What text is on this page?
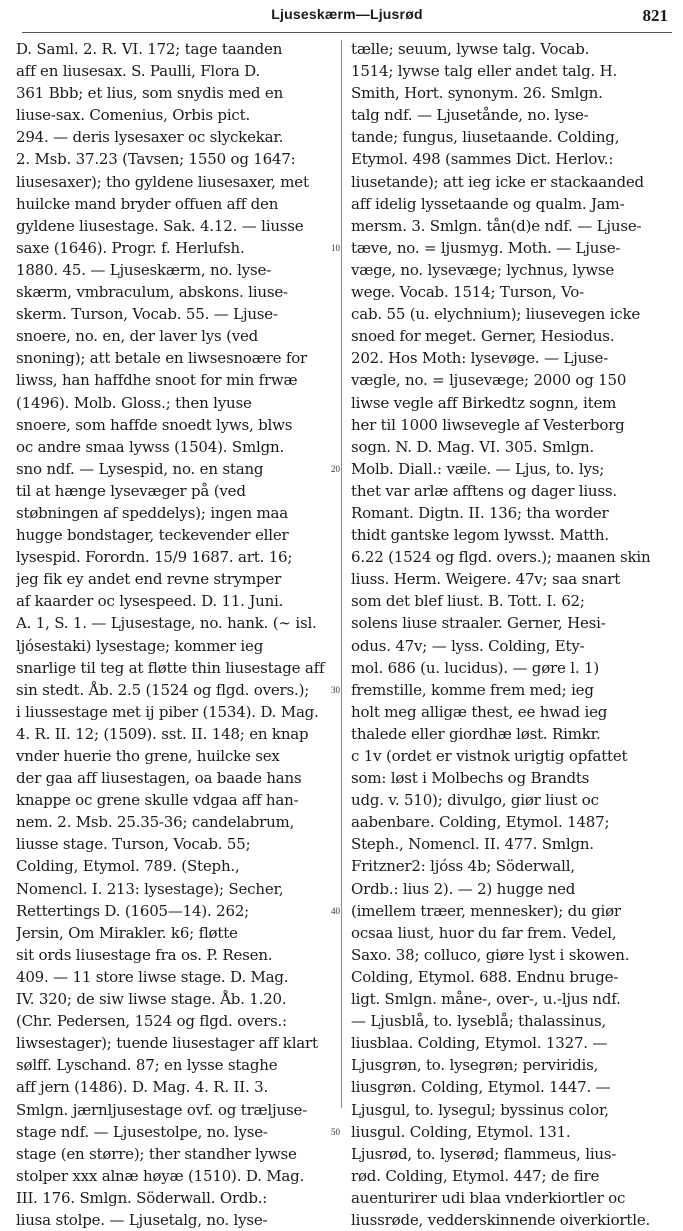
Ljuseskærm—Ljusrød	821
D. Saml. 2. R. VI. 172; tage taanden
aff en liusesax. S. Paulli, Flora D.
361 Bbb; et lius, som snydis med en
liuse-sax. Comenius, Orbis pict.
294. — deris lysesaxer oc slyckekar.
2. Msb. 37.23 (Tavsen; 1550 og 1647:
liusesaxer); tho gyldene liusesaxer, met
huilcke mand bryder offuen aff den
gyldene liusestage. Sak. 4.12. — liusse
saxe (1646). Progr. f. Herlufsh.
1880. 45. — Ljuseskærm, no. lyse-
skærm, vmbraculum, abskons. liuse-
skerm. Turson, Vocab. 55. — Ljuse-
snoere, no. en, der laver lys (ved
snoning); att betale en liwsesnoære for
liwss, han haffdhe snoot for min frwæ
(1496). Molb. Gloss.; then lyuse
snoere, som haffde snoedt lyws, blws
oc andre smaa lywss (1504). Smlgn.
sno ndf. — Lysespid, no. en stang
til at hænge lysevæger på (ved
støbningen af speddelys); ingen maa
hugge bondstager, teckevender eller
lysespid. Forordn. 15/9 1687. art. 16;
jeg fik ey andet end revne strymper
af kaarder oc lysespeed. D. 11. Juni.
A. 1, S. 1. — Ljusestage, no. hank. (∼ isl.
ljósestaki) lysestage; kommer ieg
snarlige til teg at fløtte thin liusestage aff
sin stedt. Åb. 2.5 (1524 og flgd. overs.);
i liussestage met ij piber (1534). D. Mag.
4. R. II. 12; (1509). sst. II. 148; en knap
vnder huerie tho grene, huilcke sex
der gaa aff liusestagen, oa baade hans
knappe oc grene skulle vdgaa aff han-
nem. 2. Msb. 25.35-36; candelabrum,
liusse stage. Turson, Vocab. 55;
Colding, Etymol. 789. (Steph.,
Nomencl. I. 213: lysestage); Secher,
Rettertings D. (1605—14). 262;
Jersin, Om Mirakler. k6; fløtte
sit ords liusestage fra os. P. Resen.
409. — 11 store liwse stage. D. Mag.
IV. 320; de siw liwse stage. Åb. 1.20.
(Chr. Pedersen, 1524 og flgd. overs.:
liwsestager); tuende liusestager aff klart
sølff. Lyschand. 87; en lysse staghe
aff jern (1486). D. Mag. 4. R. II. 3.
Smlgn. jærnljusestage ovf. og træljuse-
stage ndf. — Ljusestolpe, no. lyse-
stage (en større); ther standher lywse
stolper xxx alnæ høyæ (1510). D. Mag.
III. 176. Smlgn. Söderwall. Ordb.:
liusa stolpe. — Ljusetalg, no. lyse-
10
20
30
40
50
tælle; seuum, lywse talg. Vocab.
1514; lywse talg eller andet talg. H.
Smith, Hort. synonym. 26. Smlgn.
talg ndf. — Ljusetånde, no. lyse-
tande; fungus, liusetaande. Colding,
Etymol. 498 (sammes Dict. Herlov.:
liusetande); att ieg icke er stackaanded
aff idelig lyssetaande og qualm. Jam-
mersm. 3. Smlgn. tån(d)e ndf. — Ljuse-
tæve, no. = ljusmyg. Moth. — Ljuse-
væge, no. lysevæge; lychnus, lywse
wege. Vocab. 1514; Turson, Vo-
cab. 55 (u. elychnium); liusevegen icke
snoed for meget. Gerner, Hesiodus.
202. Hos Moth: lysevøge. — Ljuse-
vægle, no. = ljusevæge; 2000 og 150
liwse vegle aff Birkedtz sognn, item
her til 1000 liwsevegle af Vesterborg
sogn. N. D. Mag. VI. 305. Smlgn.
Molb. Diall.: væile. — Ljus, to. lys;
thet var arlæ afftens og dager liuss.
Romant. Digtn. II. 136; tha worder
thidt gantske legom lywsst. Matth.
6.22 (1524 og flgd. overs.); maanen skin
liuss. Herm. Weigere. 47v; saa snart
som det blef liust. B. Tott. I. 62;
solens liuse straaler. Gerner, Hesi-
odus. 47v; — lyss. Colding, Ety-
mol. 686 (u. lucidus). — gøre l. 1)
fremstille, komme frem med; ieg
holt meg alligæ thest, ee hwad ieg
thalede eller giordhæ løst. Rimkr.
c 1v (ordet er vistnok urigtig opfattet
som: løst i Molbechs og Brandts
udg. v. 510); divulgo, giør liust oc
aabenbare. Colding, Etymol. 1487;
Steph., Nomencl. II. 477. Smlgn.
Fritzner2: ljóss 4b; Söderwall,
Ordb.: lius 2). — 2) hugge ned
(imellem træer, mennesker); du giør
ocsaa liust, huor du far frem. Vedel,
Saxo. 38; colluco, giøre lyst i skowen.
Colding, Etymol. 688. Endnu bruge-
ligt. Smlgn. måne-, over-, u.-ljus ndf.
— Ljusblå, to. lyseblå; thalassinus,
liusblaa. Colding, Etymol. 1327. —
Ljusgrøn, to. lysegrøn; perviridis,
liusgrøn. Colding, Etymol. 1447. —
Ljusgul, to. lysegul; byssinus color,
liusgul. Colding, Etymol. 131.
Ljusrød, to. lyserød; flammeus, lius-
rød. Colding, Etymol. 447; de fire
auenturirer udi blaa vnderkiortler oc
liussrøde, vedderskinnende oiverkiortle.
